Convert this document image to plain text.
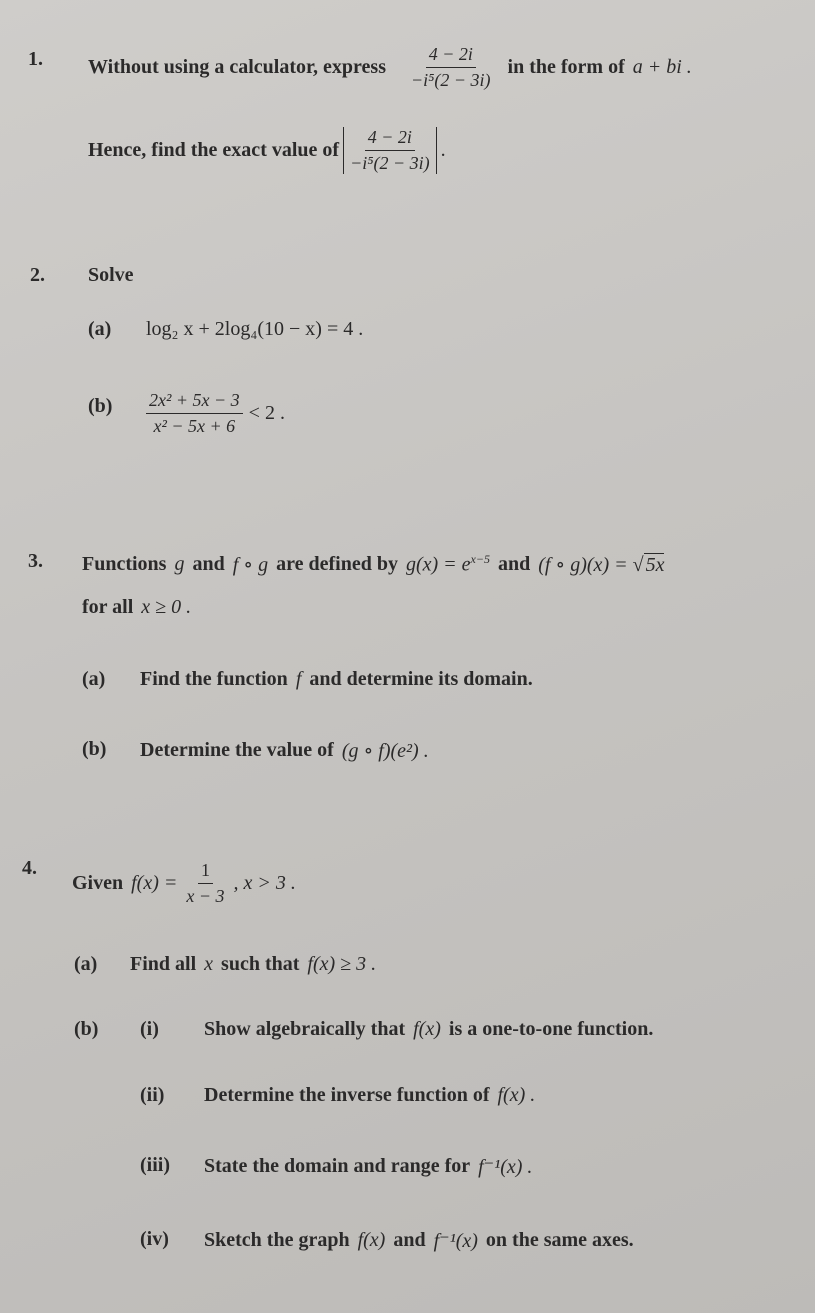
1. Without using a calculator, express $\frac{4 - 2i}{\text{−i⁵(2 − 3i)}}$ in the form of a + bi .
Hence, find the exact value of $\frac{4 - 2i}{\text{−i⁵(2 − 3i)}}$ .
2. Solve
(a) log₂ x + 2log₄(10 − x) = 4 .
$(b) \frac{\text{2x² + 5x − 3}}{\text{x² − 5x + 6}} < 2$ .
3. Functions g and f ∘ g are defined by $g(x) = e^{x-5}$ and (f ∘ g)(x) = √ 5x
for all x ≥ 0 .
(a) Find the function f and determine its domain.
(b) Determine the value of (g ∘ f)(e²) .
4.
Given $f(x) = \frac{1}{x - 3}$ , x > 3 .
(a) Find all x such that f(x) ≥ 3 .
(b) (i) Show algebraically that f(x) is a one-to-one function.
(ii) Determine the inverse function of f(x) .
(iii) State the domain and range for f⁻¹(x) .
(iv) Sketch the graph f(x) and f⁻¹(x) on the same axes.
